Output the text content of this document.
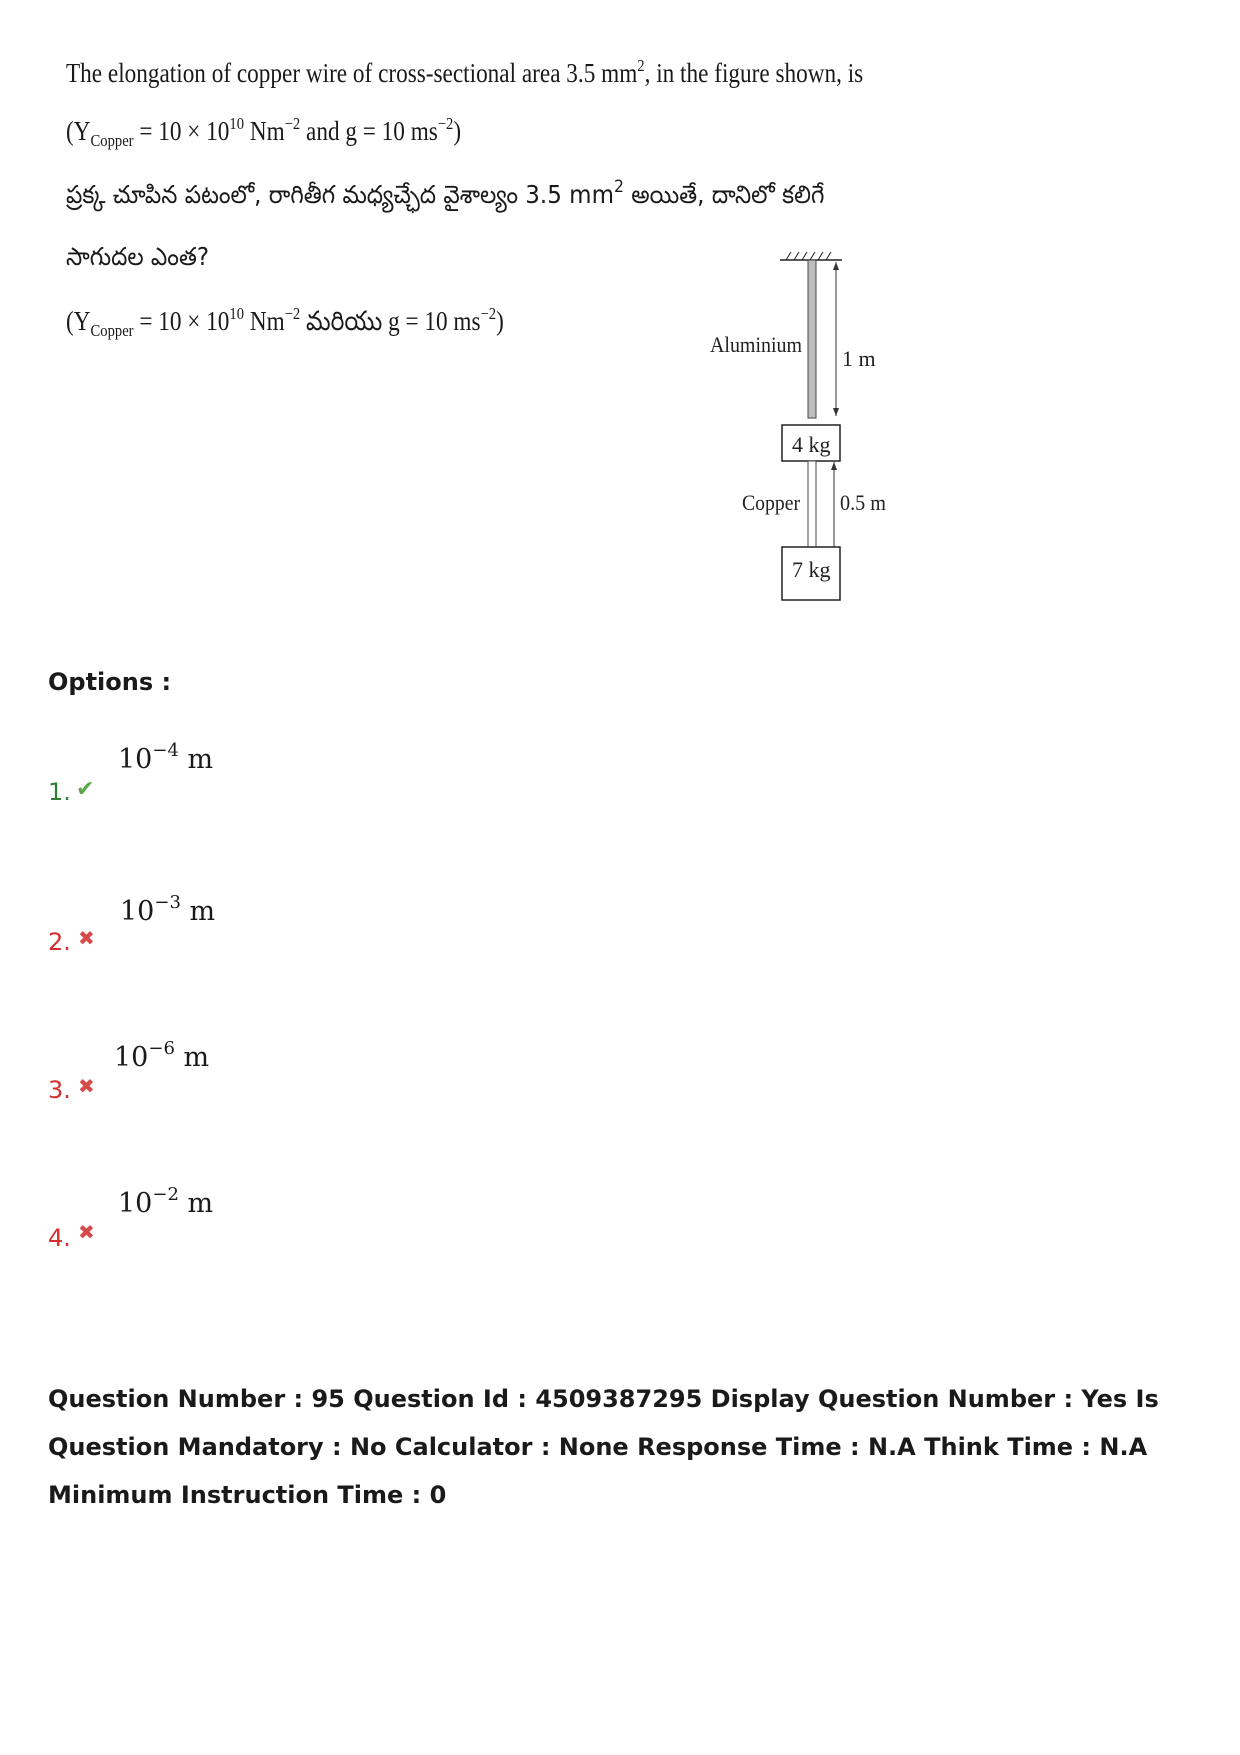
The elongation of copper wire of cross-sectional area 3.5 $mm^2$, in the figure shown, is
($Y_{Copper} = 10 \times 10^{10}$ $Nm^{-2}$ and g = 10 $ms^{-2}$)
ప్రక్క చూపిన పటంలో, రాగితీగ మధ్యచ్ఛేద వైశాల్యం 3.5 $mm^2$ అయితే, దానిలో కలిగే
సాగుదల ఎంత?
($Y_{Copper} = 10 \times 10^{10}$ $Nm^{-2}$ మరియు g = 10 $ms^{-2}$)
Aluminium
1 m
4 kg
Copper 0.5 m
7 kg
Options :
1. ✔
$10^{-4}$ m
2. ✖
$10^{-3}$ m
3. ✖
$10^{-6}$ m
4. ✖
$10^{-2}$ m
Question Number : 95 Question Id : 4509387295 Display Question Number : Yes Is Question Mandatory : No Calculator : None Response Time : N.A Think Time : N.A Minimum Instruction Time : 0
